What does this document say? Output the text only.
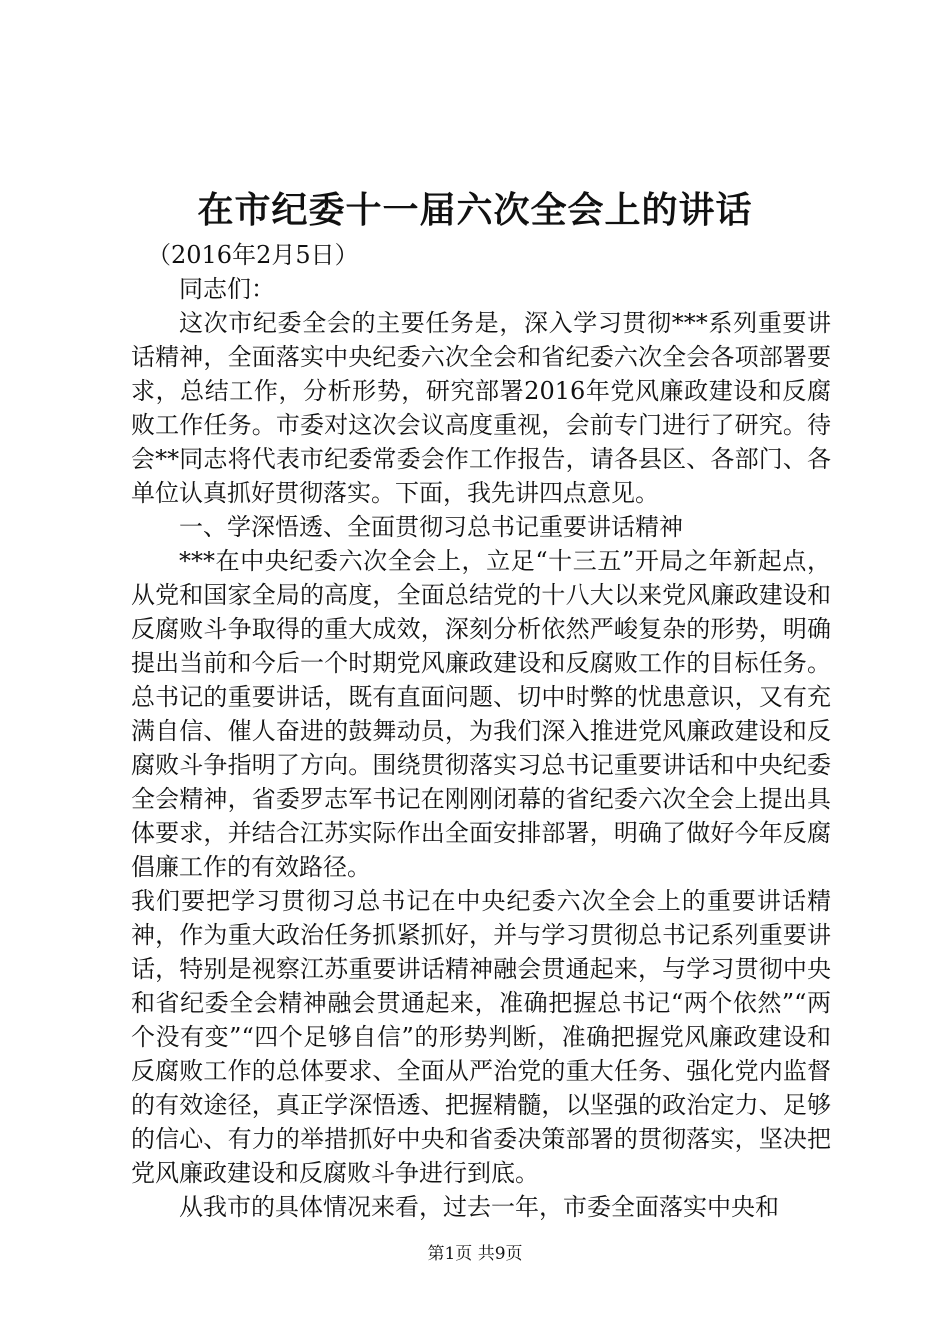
在市纪委十一届六次全会上的讲话

（2016年2月5日）

同志们：

这次市纪委全会的主要任务是，深入学习贯彻***系列重要讲话精神，全面落实中央纪委六次全会和省纪委六次全会各项部署要求，总结工作，分析形势，研究部署2016年党风廉政建设和反腐败工作任务。市委对这次会议高度重视，会前专门进行了研究。待会**同志将代表市纪委常委会作工作报告，请各县区、各部门、各单位认真抓好贯彻落实。下面，我先讲四点意见。

一、学深悟透、全面贯彻习总书记重要讲话精神

***在中央纪委六次全会上，立足“十三五”开局之年新起点，从党和国家全局的高度，全面总结党的十八大以来党风廉政建设和反腐败斗争取得的重大成效，深刻分析依然严峻复杂的形势，明确提出当前和今后一个时期党风廉政建设和反腐败工作的目标任务。总书记的重要讲话，既有直面问题、切中时弊的忧患意识，又有充满自信、催人奋进的鼓舞动员，为我们深入推进党风廉政建设和反腐败斗争指明了方向。围绕贯彻落实习总书记重要讲话和中央纪委全会精神，省委罗志军书记在刚刚闭幕的省纪委六次全会上提出具体要求，并结合江苏实际作出全面安排部署，明确了做好今年反腐倡廉工作的有效路径。

我们要把学习贯彻习总书记在中央纪委六次全会上的重要讲话精神，作为重大政治任务抓紧抓好，并与学习贯彻总书记系列重要讲话，特别是视察江苏重要讲话精神融会贯通起来，与学习贯彻中央和省纪委全会精神融会贯通起来，准确把握总书记“两个依然”“两个没有变”“四个足够自信”的形势判断，准确把握党风廉政建设和反腐败工作的总体要求、全面从严治党的重大任务、强化党内监督的有效途径，真正学深悟透、把握精髓，以坚强的政治定力、足够的信心、有力的举措抓好中央和省委决策部署的贯彻落实，坚决把党风廉政建设和反腐败斗争进行到底。

从我市的具体情况来看，过去一年，市委全面落实中央和

第1页 共9页
